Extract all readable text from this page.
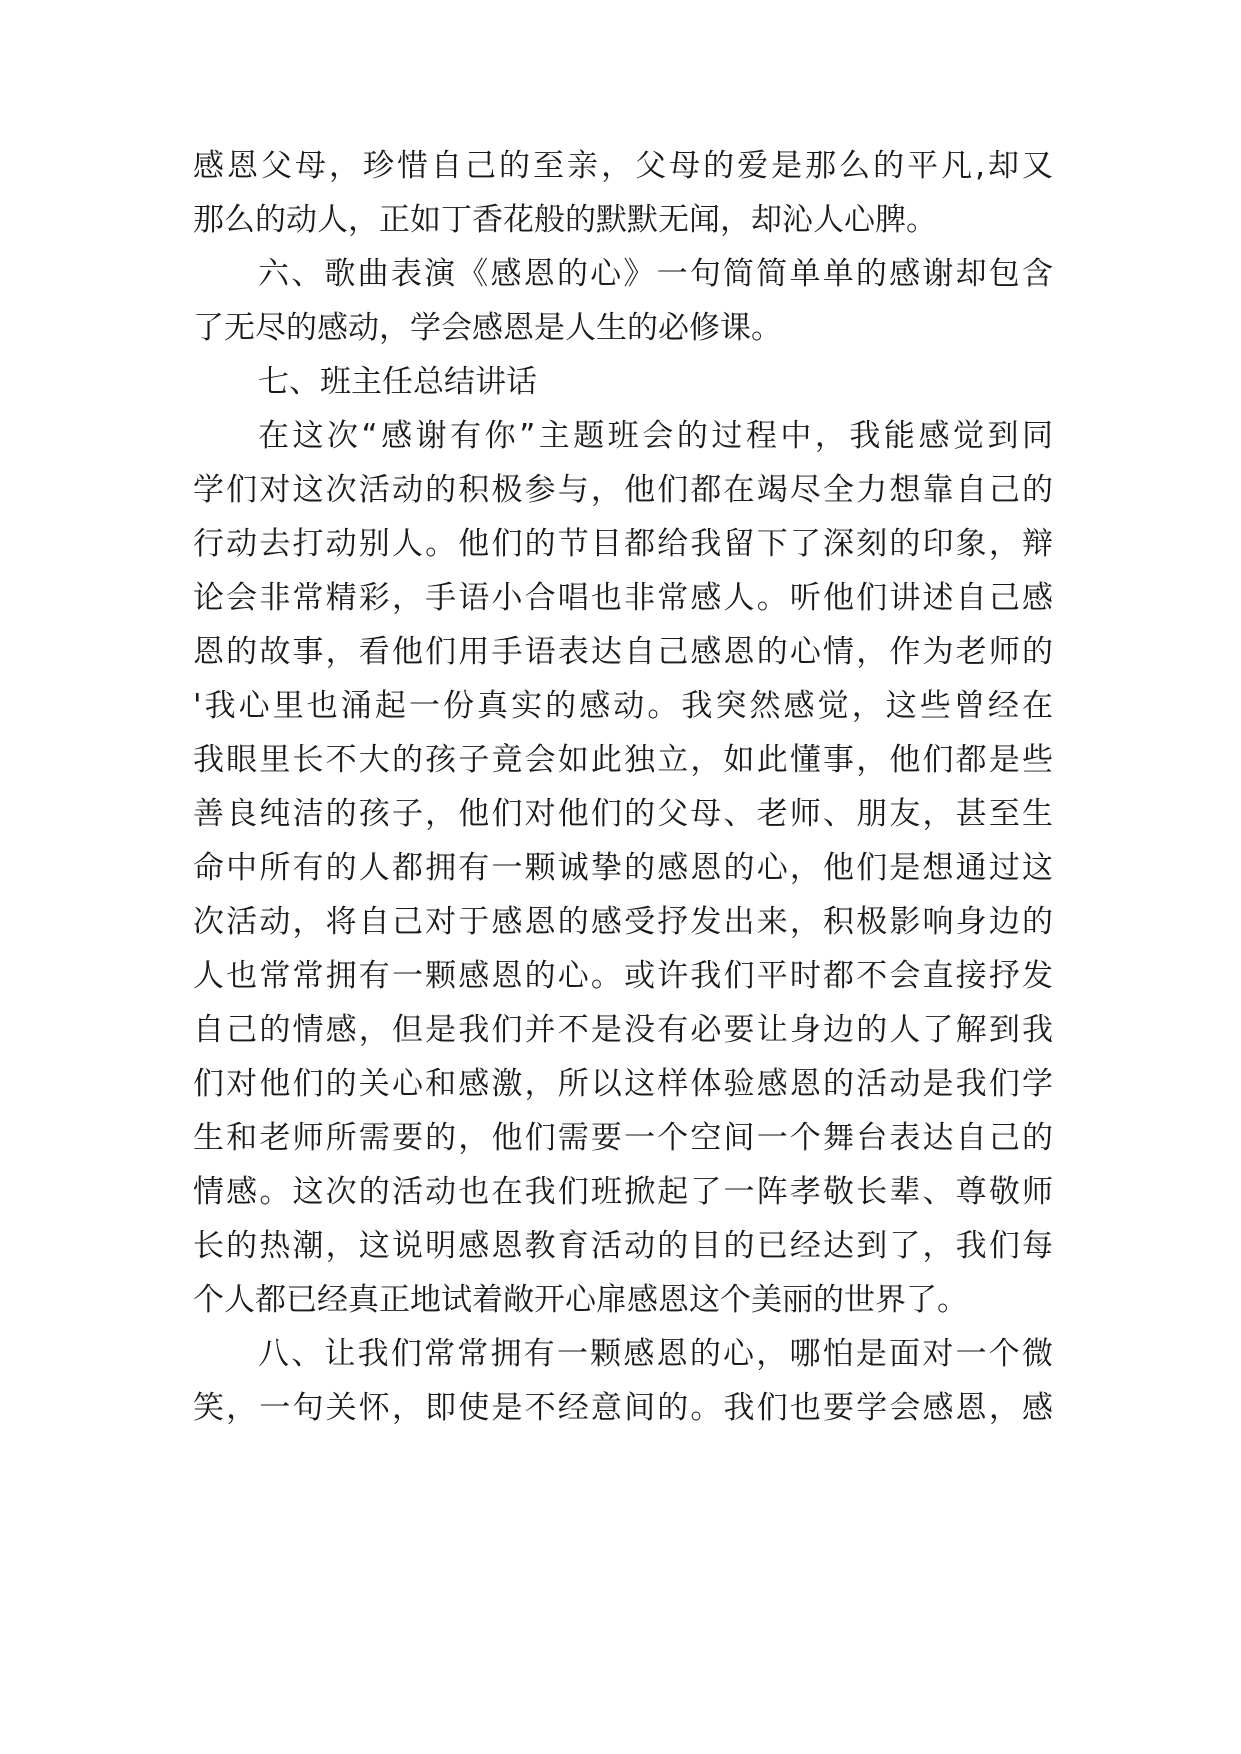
感恩父母，珍惜自己的至亲，父母的爱是那么的平凡,却又
那么的动人，正如丁香花般的默默无闻，却沁人心脾。
六、歌曲表演《感恩的心》一句简简单单的感谢却包含
了无尽的感动，学会感恩是人生的必修课。
七、班主任总结讲话
在这次“感谢有你”主题班会的过程中，我能感觉到同
学们对这次活动的积极参与，他们都在竭尽全力想靠自己的
行动去打动别人。他们的节目都给我留下了深刻的印象，辩
论会非常精彩，手语小合唱也非常感人。听他们讲述自己感
恩的故事，看他们用手语表达自己感恩的心情，作为老师的
'我心里也涌起一份真实的感动。我突然感觉，这些曾经在
我眼里长不大的孩子竟会如此独立，如此懂事，他们都是些
善良纯洁的孩子，他们对他们的父母、老师、朋友，甚至生
命中所有的人都拥有一颗诚挚的感恩的心，他们是想通过这
次活动，将自己对于感恩的感受抒发出来，积极影响身边的
人也常常拥有一颗感恩的心。或许我们平时都不会直接抒发
自己的情感，但是我们并不是没有必要让身边的人了解到我
们对他们的关心和感激，所以这样体验感恩的活动是我们学
生和老师所需要的，他们需要一个空间一个舞台表达自己的
情感。这次的活动也在我们班掀起了一阵孝敬长辈、尊敬师
长的热潮，这说明感恩教育活动的目的已经达到了，我们每
个人都已经真正地试着敞开心扉感恩这个美丽的世界了。
八、让我们常常拥有一颗感恩的心，哪怕是面对一个微
笑，一句关怀，即使是不经意间的。我们也要学会感恩，感
